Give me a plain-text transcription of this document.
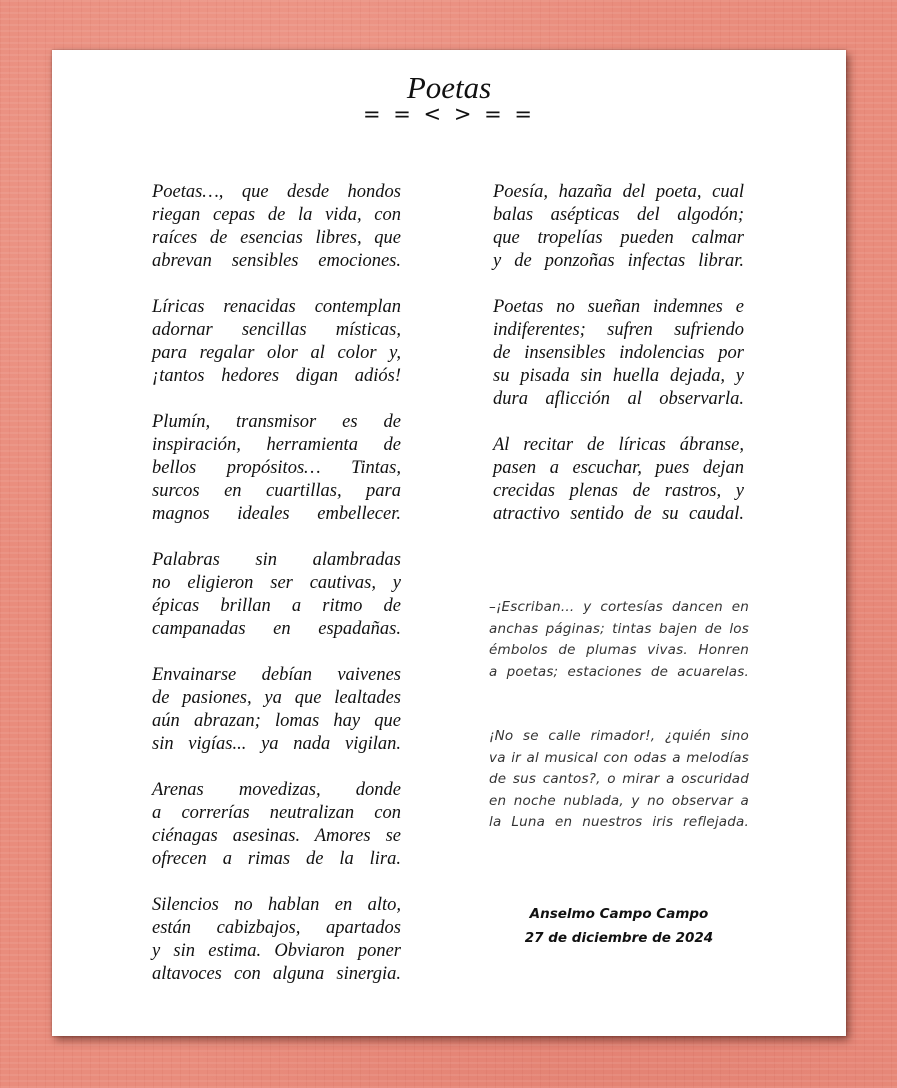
Poetas
= = < > = =
Poetas…, que desde hondos
riegan cepas de la vida, con
raíces de esencias libres, que
abrevan sensibles emociones.
Líricas renacidas contemplan
adornar sencillas místicas,
para regalar olor al color y,
¡tantos hedores digan adiós!
Plumín, transmisor es de
inspiración, herramienta de
bellos propósitos… Tintas,
surcos en cuartillas, para
magnos ideales embellecer.
Palabras sin alambradas
no eligieron ser cautivas, y
épicas brillan a ritmo de
campanadas en espadañas.
Envainarse debían vaivenes
de pasiones, ya que lealtades
aún abrazan; lomas hay que
sin vigías... ya nada vigilan.
Arenas movedizas, donde
a correrías neutralizan con
ciénagas asesinas. Amores se
ofrecen a rimas de la lira.
Silencios no hablan en alto,
están cabizbajos, apartados
y sin estima. Obviaron poner
altavoces con alguna sinergia.
Poesía, hazaña del poeta, cual
balas asépticas del algodón;
que tropelías pueden calmar
y de ponzoñas infectas librar.
Poetas no sueñan indemnes e
indiferentes; sufren sufriendo
de insensibles indolencias por
su pisada sin huella dejada, y
dura aflicción al observarla.
Al recitar de líricas ábranse,
pasen a escuchar, pues dejan
crecidas plenas de rastros, y
atractivo sentido de su caudal.
–¡Escriban... y cortesías dancen en
anchas páginas; tintas bajen de los
émbolos de plumas vivas. Honren
a poetas; estaciones de acuarelas.
¡No se calle rimador!, ¿quién sino
va ir al musical con odas a melodías
de sus cantos?, o mirar a oscuridad
en noche nublada, y no observar a
la Luna en nuestros iris reflejada.
Anselmo Campo Campo
27 de diciembre de 2024
